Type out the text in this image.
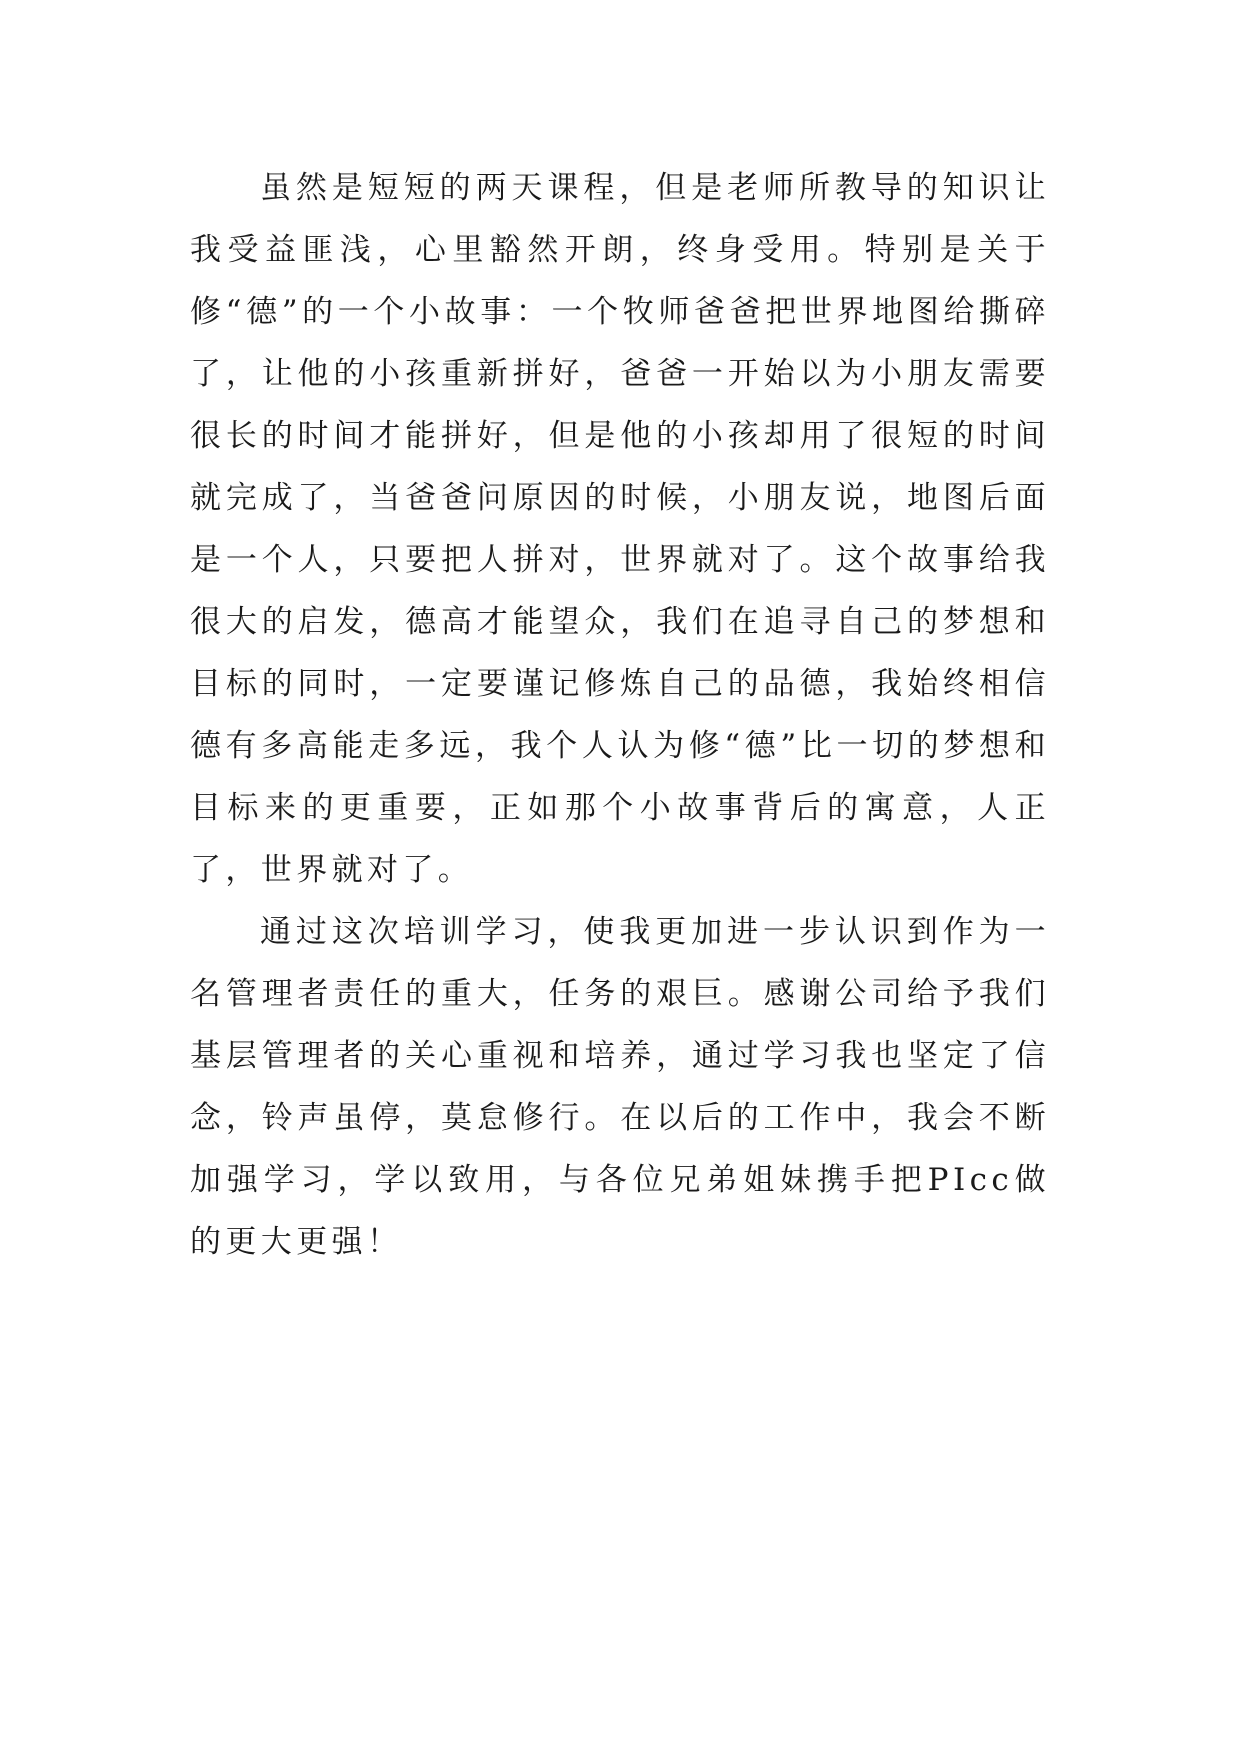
虽然是短短的两天课程，但是老师所教导的知识让我受益匪浅，心里豁然开朗，终身受用。特别是关于修“德”的一个小故事：一个牧师爸爸把世界地图给撕碎了，让他的小孩重新拼好，爸爸一开始以为小朋友需要很长的时间才能拼好，但是他的小孩却用了很短的时间就完成了，当爸爸问原因的时候，小朋友说，地图后面是一个人，只要把人拼对，世界就对了。这个故事给我很大的启发，德高才能望众，我们在追寻自己的梦想和目标的同时，一定要谨记修炼自己的品德，我始终相信德有多高能走多远，我个人认为修“德”比一切的梦想和目标来的更重要，正如那个小故事背后的寓意，人正了，世界就对了。

通过这次培训学习，使我更加进一步认识到作为一名管理者责任的重大，任务的艰巨。感谢公司给予我们基层管理者的关心重视和培养，通过学习我也坚定了信念，铃声虽停，莫怠修行。在以后的工作中，我会不断加强学习，学以致用，与各位兄弟姐妹携手把PIcc做的更大更强！
